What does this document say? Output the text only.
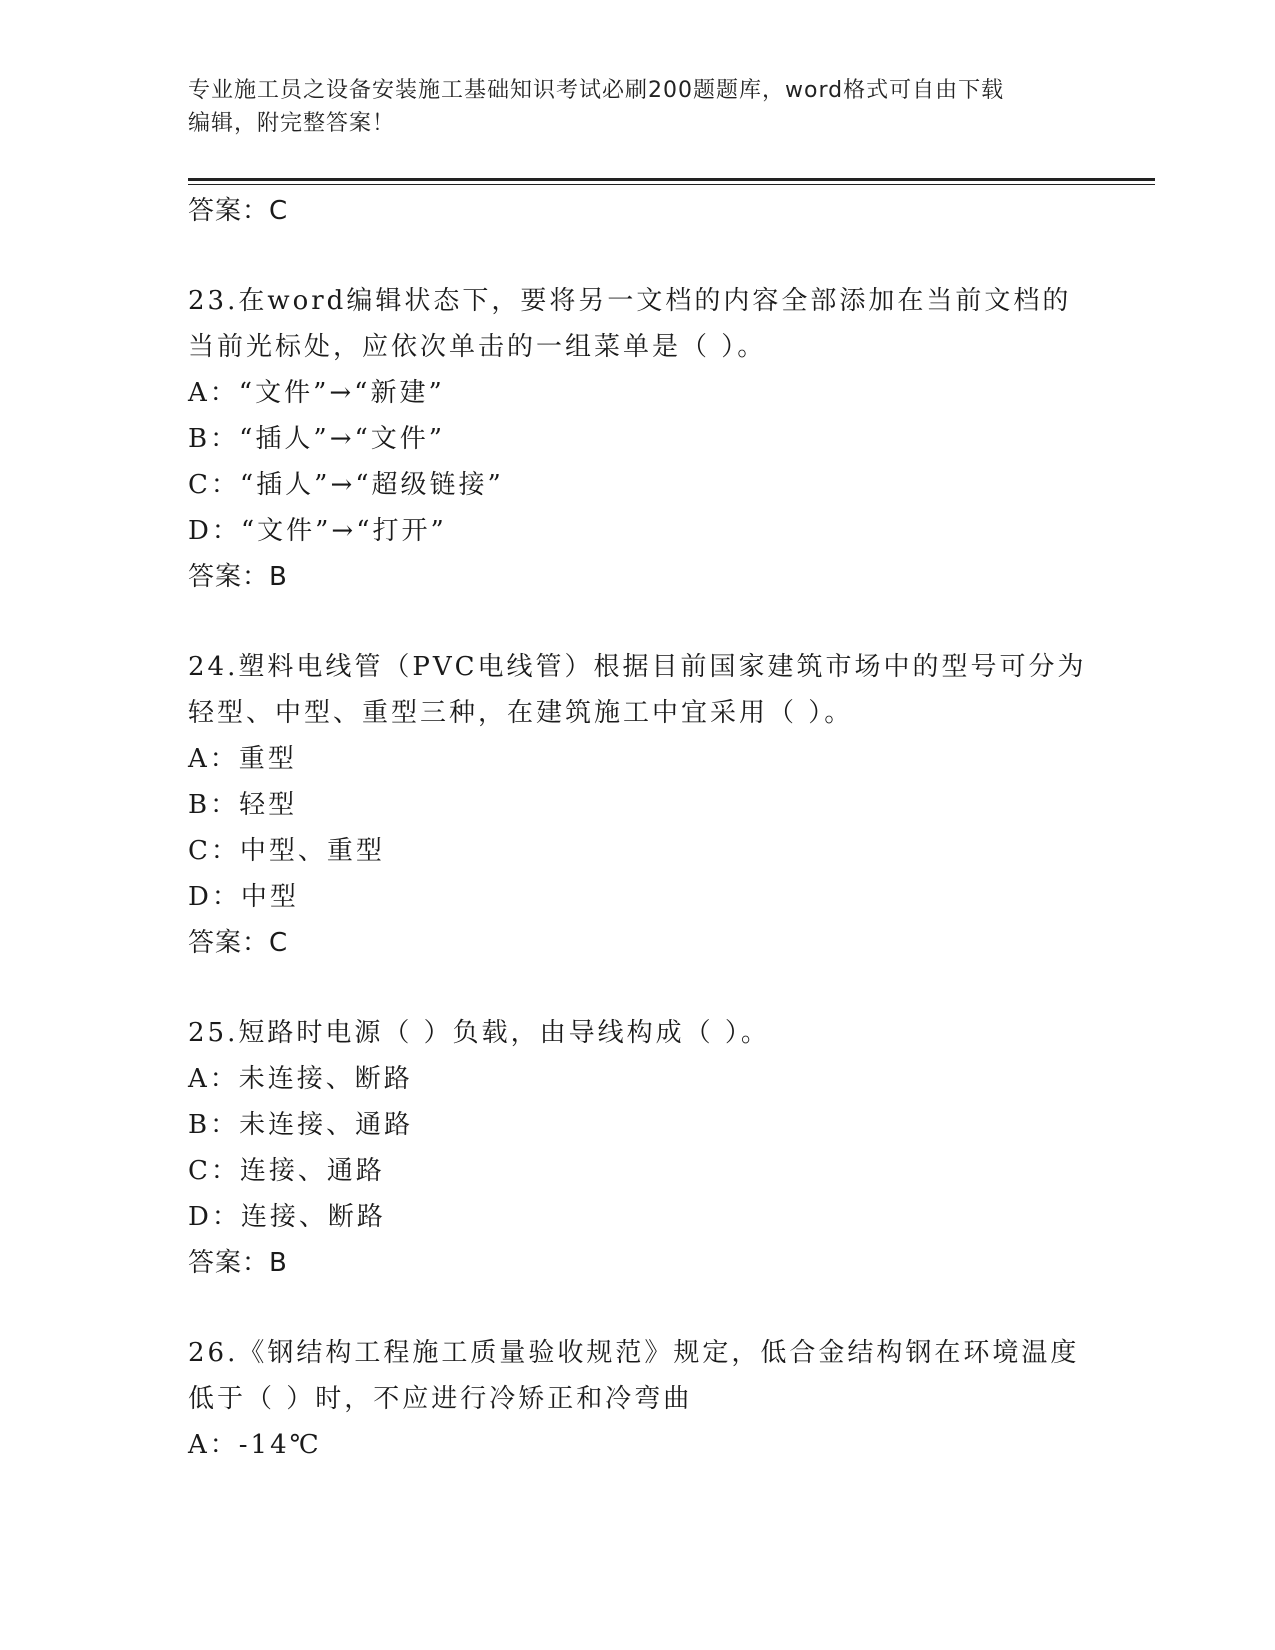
专业施工员之设备安装施工基础知识考试必刷200题题库，word格式可自由下载
编辑，附完整答案！
答案：C
23.在word编辑状态下，要将另一文档的内容全部添加在当前文档的
当前光标处，应依次单击的一组菜单是（ ）。
A：“文件”→“新建”
B：“插人”→“文件”
C：“插人”→“超级链接”
D：“文件”→“打开”
答案：B
24.塑料电线管（PVC电线管）根据目前国家建筑市场中的型号可分为
轻型、中型、重型三种，在建筑施工中宜采用（ ）。
A：重型
B：轻型
C：中型、重型
D：中型
答案：C
25.短路时电源（ ）负载，由导线构成（ ）。
A：未连接、断路
B：未连接、通路
C：连接、通路
D：连接、断路
答案：B
26.《钢结构工程施工质量验收规范》规定，低合金结构钢在环境温度
低于（ ）时，不应进行冷矫正和冷弯曲
A：-14℃
